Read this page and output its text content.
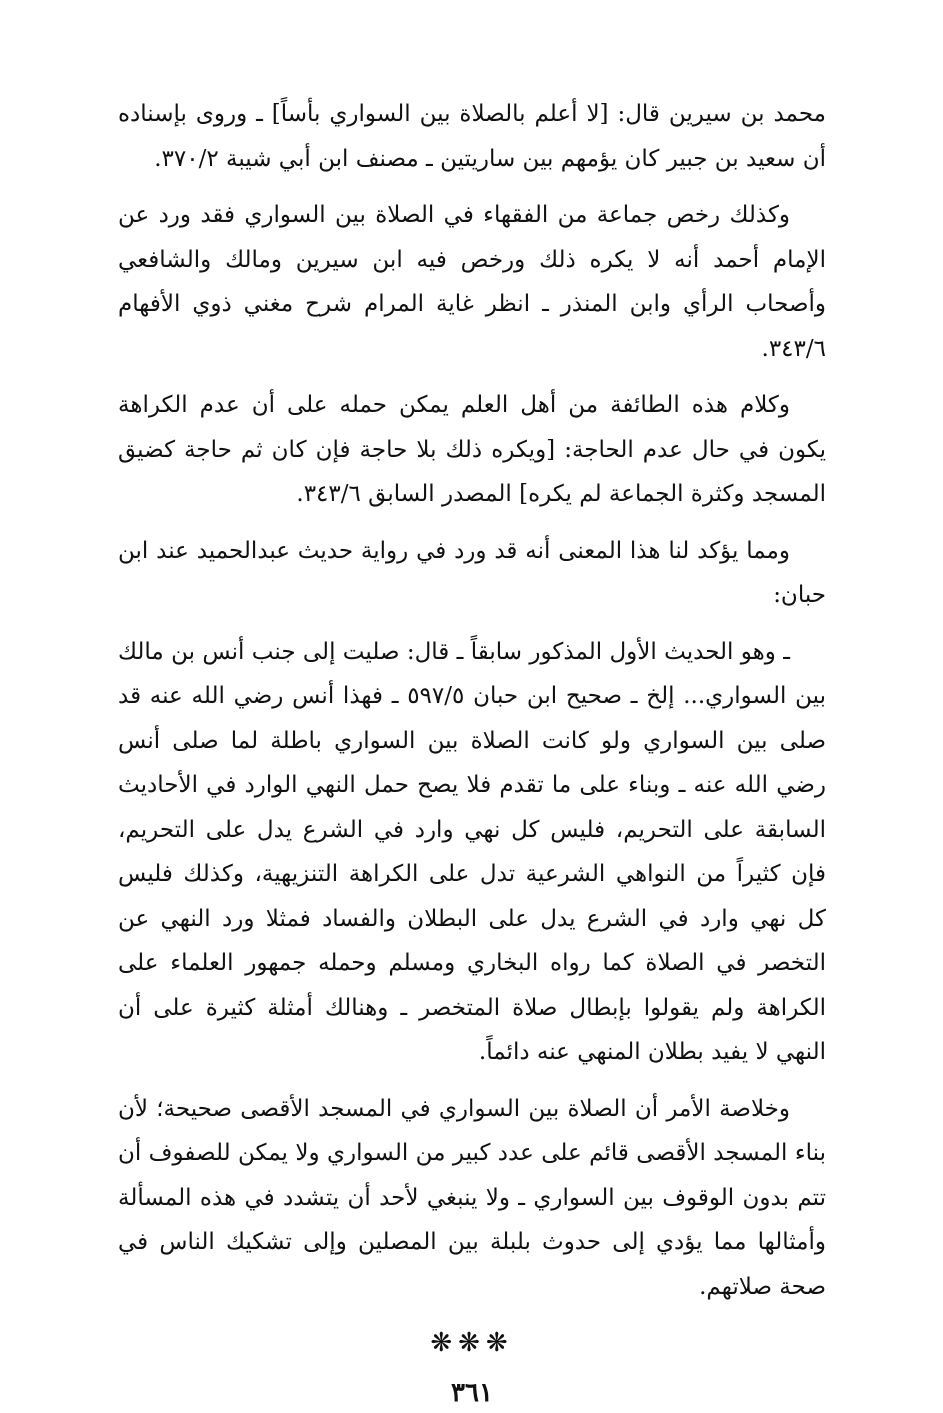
محمد بن سيرين قال: [لا أعلم بالصلاة بين السواري بأساً] ـ وروى بإسناده أن سعيد بن جبير كان يؤمهم بين ساريتين ـ مصنف ابن أبي شيبة ٣٧٠/٢.

وكذلك رخص جماعة من الفقهاء في الصلاة بين السواري فقد ورد عن الإمام أحمد أنه لا يكره ذلك ورخص فيه ابن سيرين ومالك والشافعي وأصحاب الرأي وابن المنذر ـ انظر غاية المرام شرح مغني ذوي الأفهام ٣٤٣/٦.

وكلام هذه الطائفة من أهل العلم يمكن حمله على أن عدم الكراهة يكون في حال عدم الحاجة: [ويكره ذلك بلا حاجة فإن كان ثم حاجة كضيق المسجد وكثرة الجماعة لم يكره] المصدر السابق ٣٤٣/٦.

ومما يؤكد لنا هذا المعنى أنه قد ورد في رواية حديث عبدالحميد عند ابن حبان:

ـ وهو الحديث الأول المذكور سابقاً ـ قال: صليت إلى جنب أنس بن مالك بين السواري... إلخ ـ صحيح ابن حبان ٥٩٧/٥ ـ فهذا أنس رضي الله عنه قد صلى بين السواري ولو كانت الصلاة بين السواري باطلة لما صلى أنس رضي الله عنه ـ وبناء على ما تقدم فلا يصح حمل النهي الوارد في الأحاديث السابقة على التحريم، فليس كل نهي وارد في الشرع يدل على التحريم، فإن كثيراً من النواهي الشرعية تدل على الكراهة التنزيهية، وكذلك فليس كل نهي وارد في الشرع يدل على البطلان والفساد فمثلا ورد النهي عن التخصر في الصلاة كما رواه البخاري ومسلم وحمله جمهور العلماء على الكراهة ولم يقولوا بإبطال صلاة المتخصر ـ وهنالك أمثلة كثيرة على أن النهي لا يفيد بطلان المنهي عنه دائماً.

وخلاصة الأمر أن الصلاة بين السواري في المسجد الأقصى صحيحة؛ لأن بناء المسجد الأقصى قائم على عدد كبير من السواري ولا يمكن للصفوف أن تتم بدون الوقوف بين السواري ـ ولا ينبغي لأحد أن يتشدد في هذه المسألة وأمثالها مما يؤدي إلى حدوث بلبلة بين المصلين وإلى تشكيك الناس في صحة صلاتهم.

❋❋❋
٣٦١
